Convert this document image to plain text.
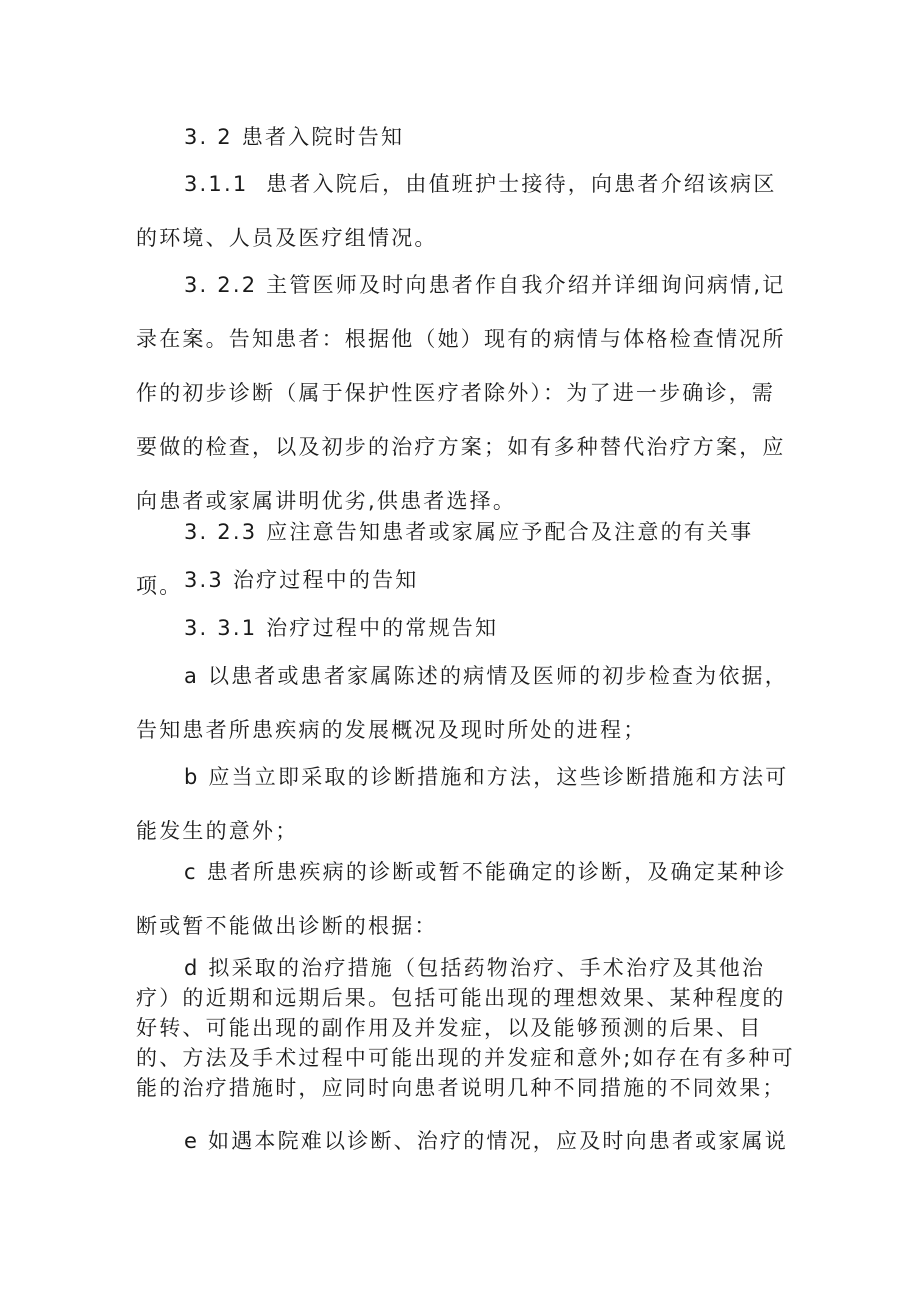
3. 2 患者入院时告知

3.1.1  患者入院后，由值班护士接待，向患者介绍该病区的环境、人员及医疗组情况。

3. 2.2 主管医师及时向患者作自我介绍并详细询问病情,记录在案。告知患者：根据他（她）现有的病情与体格检查情况所作的初步诊断（属于保护性医疗者除外）：为了进一步确诊，需要做的检查，以及初步的治疗方案；如有多种替代治疗方案，应向患者或家属讲明优劣,供患者选择。

3. 2.3 应注意告知患者或家属应予配合及注意的有关事项。 3.3 治疗过程中的告知

3. 3.1 治疗过程中的常规告知

a 以患者或患者家属陈述的病情及医师的初步检查为依据，告知患者所患疾病的发展概况及现时所处的进程；

b 应当立即采取的诊断措施和方法，这些诊断措施和方法可能发生的意外；

c 患者所患疾病的诊断或暂不能确定的诊断，及确定某种诊断或暂不能做出诊断的根据：

d 拟采取的治疗措施（包括药物治疗、手术治疗及其他治疗）的近期和远期后果。包括可能出现的理想效果、某种程度的好转、可能出现的副作用及并发症，以及能够预测的后果、目的、方法及手术过程中可能出现的并发症和意外;如存在有多种可能的治疗措施时，应同时向患者说明几种不同措施的不同效果；

e 如遇本院难以诊断、治疗的情况，应及时向患者或家属说
